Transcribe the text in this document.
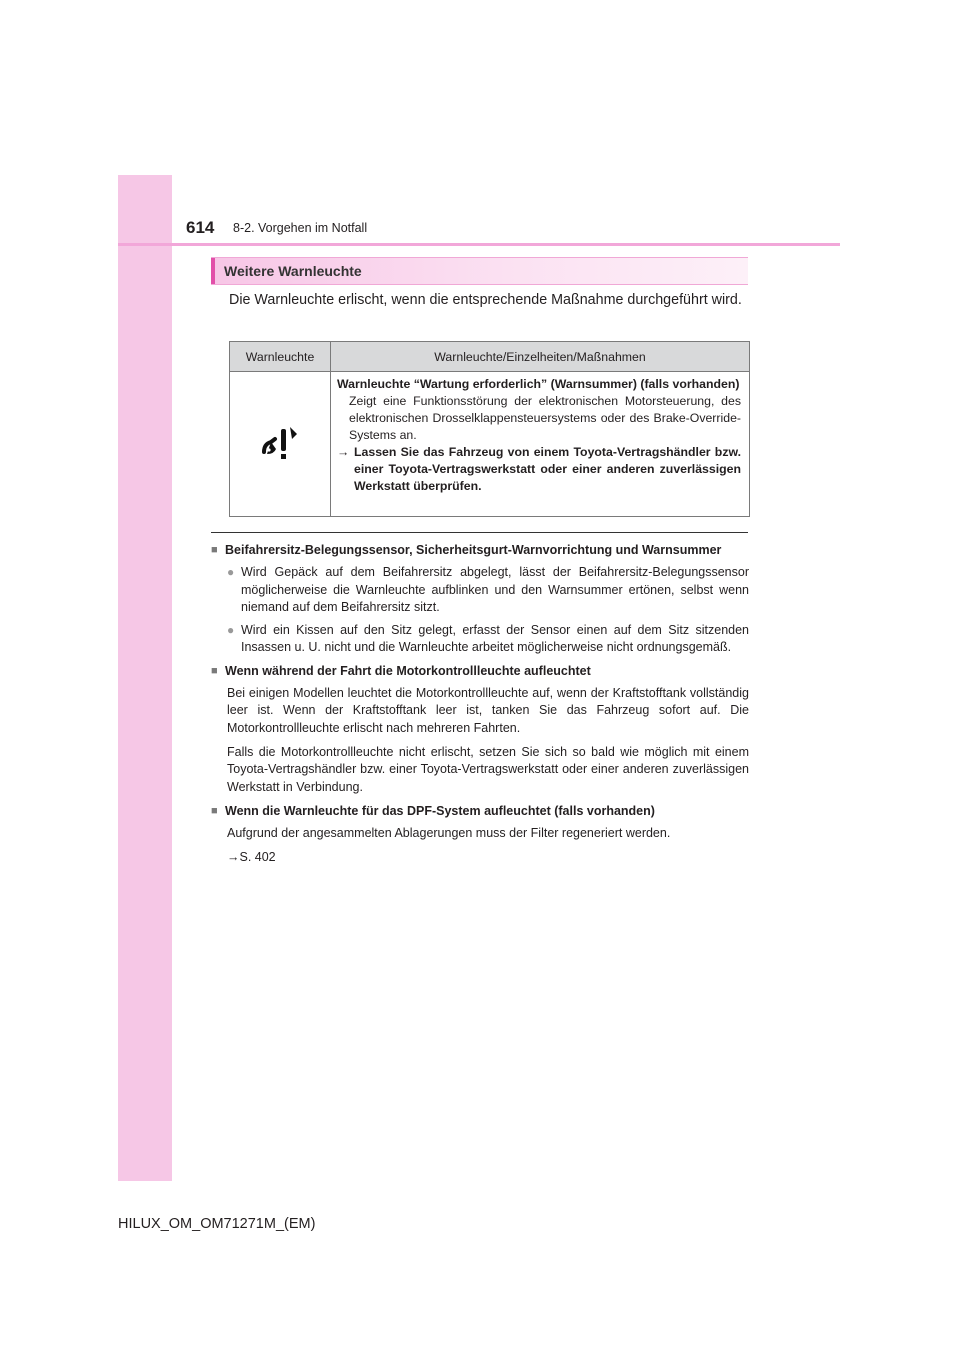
614 8-2. Vorgehen im Notfall
Weitere Warnleuchte
Die Warnleuchte erlischt, wenn die entsprechende Maßnahme durchgeführt wird.
Warnleuchte	Warnleuchte/Einzelheiten/Maßnahmen

Warnleuchte “Wartung erforderlich” (Warnsummer) (falls vorhanden)
Zeigt eine Funktionsstörung der elektronischen Motorsteuerung, des elektronischen Drosselklappensteuersystems oder des Brake-Override-Systems an.
→ Lassen Sie das Fahrzeug von einem Toyota-Vertragshändler bzw. einer Toyota-Vertragswerkstatt oder einer anderen zuverlässigen Werkstatt überprüfen.
■ Beifahrersitz-Belegungssensor, Sicherheitsgurt-Warnvorrichtung und Warnsummer
● Wird Gepäck auf dem Beifahrersitz abgelegt, lässt der Beifahrersitz-Belegungssensor möglicherweise die Warnleuchte aufblinken und den Warnsummer ertönen, selbst wenn niemand auf dem Beifahrersitz sitzt.
● Wird ein Kissen auf den Sitz gelegt, erfasst der Sensor einen auf dem Sitz sitzenden Insassen u. U. nicht und die Warnleuchte arbeitet möglicherweise nicht ordnungsgemäß.
■ Wenn während der Fahrt die Motorkontrollleuchte aufleuchtet
Bei einigen Modellen leuchtet die Motorkontrollleuchte auf, wenn der Kraftstofftank vollständig leer ist. Wenn der Kraftstofftank leer ist, tanken Sie das Fahrzeug sofort auf. Die Motorkontrollleuchte erlischt nach mehreren Fahrten.
Falls die Motorkontrollleuchte nicht erlischt, setzen Sie sich so bald wie möglich mit einem Toyota-Vertragshändler bzw. einer Toyota-Vertragswerkstatt oder einer anderen zuverlässigen Werkstatt in Verbindung.
■ Wenn die Warnleuchte für das DPF-System aufleuchtet (falls vorhanden)
Aufgrund der angesammelten Ablagerungen muss der Filter regeneriert werden.
→S. 402
HILUX_OM_OM71271M_(EM)
